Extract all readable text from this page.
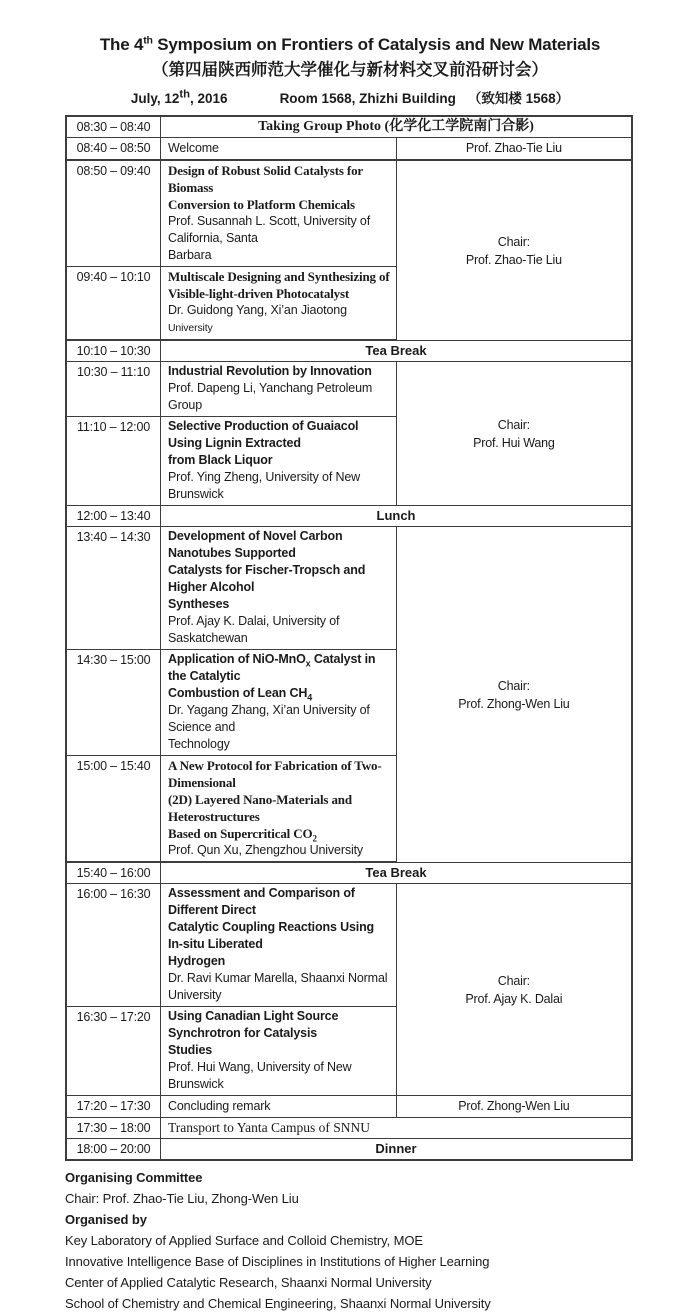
The 4th Symposium on Frontiers of Catalysis and New Materials
（第四届陕西师范大学催化与新材料交叉前沿研讨会）
July, 12th, 2016	Room 1568, Zhizhi Building （致知楼 1568）
08:30 – 08:40	Taking Group Photo (化学化工学院南门合影)	
08:40 – 08:50	Welcome	Prof. Zhao-Tie Liu
08:50 – 09:40	Design of Robust Solid Catalysts for Biomass
Conversion to Platform Chemicals
Prof. Susannah L. Scott, University of California, Santa
Barbara

Chair:
Prof. Zhao-Tie Liu

09:40 – 10:10	Multiscale Designing and Synthesizing of
Visible-light-driven Photocatalyst
Dr. Guidong Yang, Xi’an Jiaotong University	

10:10 – 10:30	Tea Break	
10:30 – 11:10	Industrial Revolution by Innovation
Prof. Dapeng Li, Yanchang Petroleum Group

Chair:
Prof. Hui Wang

11:10 – 12:00	Selective Production of Guaiacol Using Lignin Extracted
from Black Liquor
Prof. Ying Zheng, University of New Brunswick	

12:00 – 13:40	Lunch	
13:40 – 14:30	Development of Novel Carbon Nanotubes Supported
Catalysts for Fischer-Tropsch and Higher Alcohol
Syntheses
Prof. Ajay K. Dalai, University of Saskatchewan

Chair:
Prof. Zhong-Wen Liu

14:30 – 15:00	Application of NiO-MnO$_x$ Catalyst in the Catalytic
Combustion of Lean $CH_4$
Dr. Yagang Zhang, Xi’an University of Science and
Technology	

15:00 – 15:40	A New Protocol for Fabrication of Two-Dimensional
(2D) Layered Nano-Materials and Heterostructures
Based on Supercritical $CO_2$
Prof. Qun Xu, Zhengzhou University	

15:40 – 16:00	Tea Break	
16:00 – 16:30	Assessment and Comparison of Different Direct
Catalytic Coupling Reactions Using In-situ Liberated
Hydrogen
Dr. Ravi Kumar Marella, Shaanxi Normal University

Chair:
Prof. Ajay K. Dalai

16:30 – 17:20	Using Canadian Light Source Synchrotron for Catalysis
Studies
Prof. Hui Wang, University of New Brunswick	

17:20 – 17:30	Concluding remark	Prof. Zhong-Wen Liu
17:30 – 18:00	Transport to Yanta Campus of SNNU	
18:00 – 20:00	Dinner	
Organising Committee
Chair: Prof. Zhao-Tie Liu, Zhong-Wen Liu
Organised by
Key Laboratory of Applied Surface and Colloid Chemistry, MOE
Innovative Intelligence Base of Disciplines in Institutions of Higher Learning
Center of Applied Catalytic Research, Shaanxi Normal University
School of Chemistry and Chemical Engineering, Shaanxi Normal University
